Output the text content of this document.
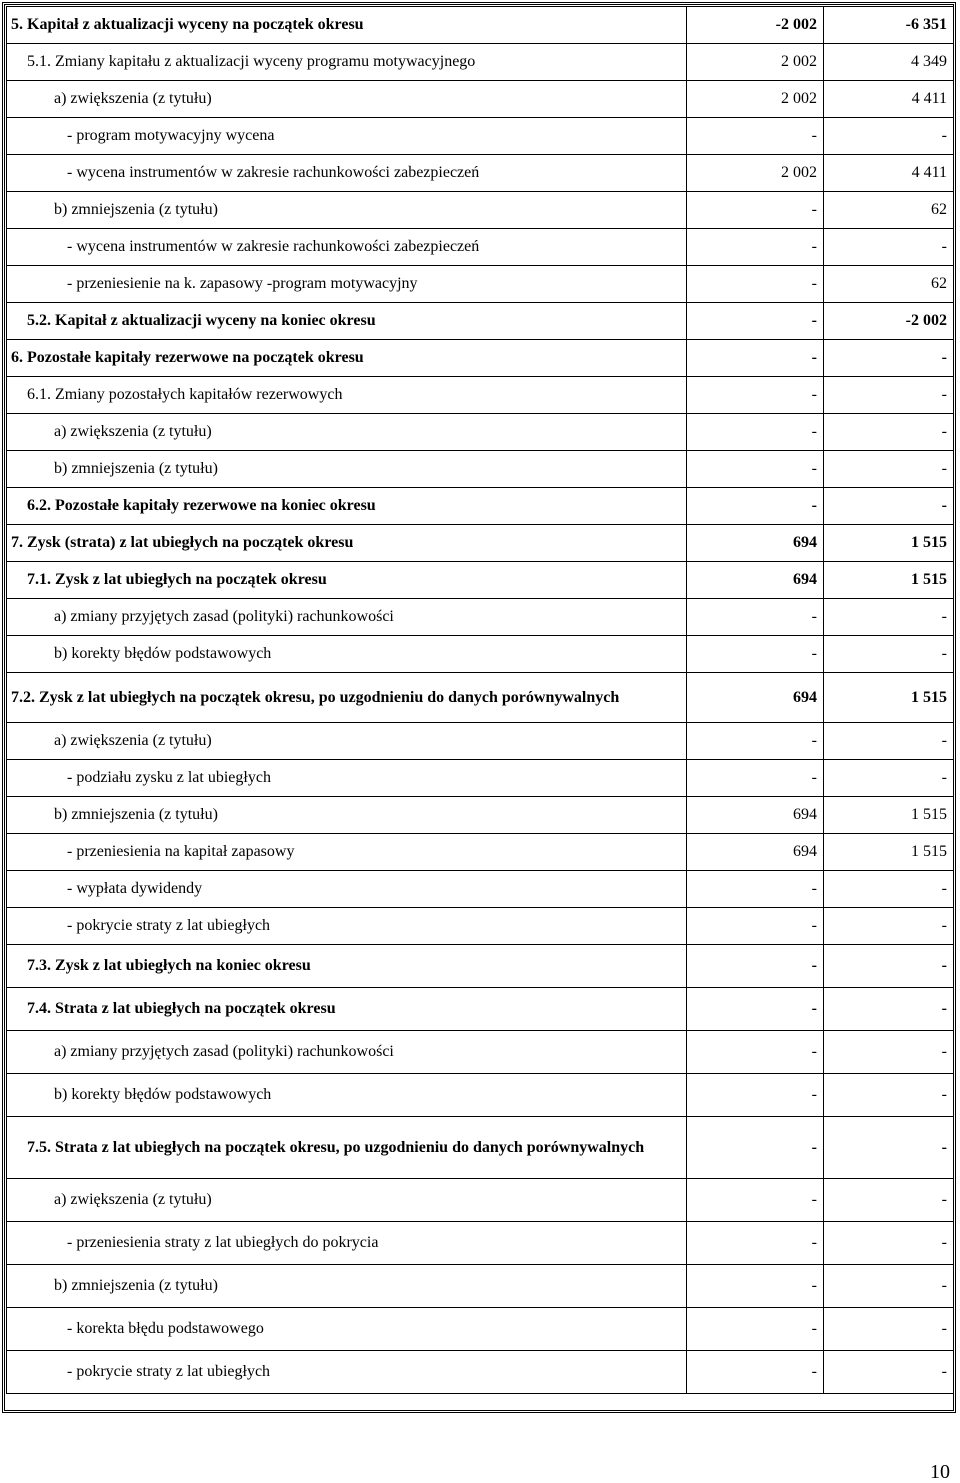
5. Kapitał z aktualizacji wyceny na początek okresu	-2 002	-6 351
5.1. Zmiany kapitału z aktualizacji wyceny programu motywacyjnego	2 002	4 349
a) zwiększenia (z tytułu)	2 002	4 411
- program motywacyjny wycena	-	-
- wycena instrumentów w zakresie rachunkowości zabezpieczeń	2 002	4 411
b) zmniejszenia (z tytułu)	-	62
- wycena instrumentów w zakresie rachunkowości zabezpieczeń	-	-
- przeniesienie na k. zapasowy -program motywacyjny	-	62
5.2. Kapitał z aktualizacji wyceny na koniec okresu	-	-2 002
6. Pozostałe kapitały rezerwowe na początek okresu	-	-
6.1. Zmiany pozostałych kapitałów rezerwowych	-	-
a) zwiększenia (z tytułu)	-	-
b) zmniejszenia (z tytułu)	-	-
6.2. Pozostałe kapitały rezerwowe na koniec okresu	-	-
7. Zysk (strata) z lat ubiegłych na początek okresu	694	1 515
7.1. Zysk z lat ubiegłych na początek okresu	694	1 515
a) zmiany przyjętych zasad (polityki) rachunkowości	-	-
b) korekty błędów podstawowych	-	-
7.2. Zysk z lat ubiegłych na początek okresu, po uzgodnieniu do danych porównywalnych	694	1 515
a) zwiększenia (z tytułu)	-	-
- podziału zysku z lat ubiegłych	-	-
b) zmniejszenia (z tytułu)	694	1 515
- przeniesienia na kapitał zapasowy	694	1 515
- wypłata dywidendy	-	-
- pokrycie straty z lat ubiegłych	-	-
7.3. Zysk z lat ubiegłych na koniec okresu	-	-
7.4. Strata z lat ubiegłych na początek okresu	-	-
a) zmiany przyjętych zasad (polityki) rachunkowości	-	-
b) korekty błędów podstawowych	-	-
7.5. Strata z lat ubiegłych na początek okresu, po uzgodnieniu do danych porównywalnych	-	-
a) zwiększenia (z tytułu)	-	-
- przeniesienia straty z lat ubiegłych do pokrycia	-	-
b) zmniejszenia (z tytułu)	-	-
- korekta błędu podstawowego	-	-
- pokrycie straty z lat ubiegłych	-	-
10
